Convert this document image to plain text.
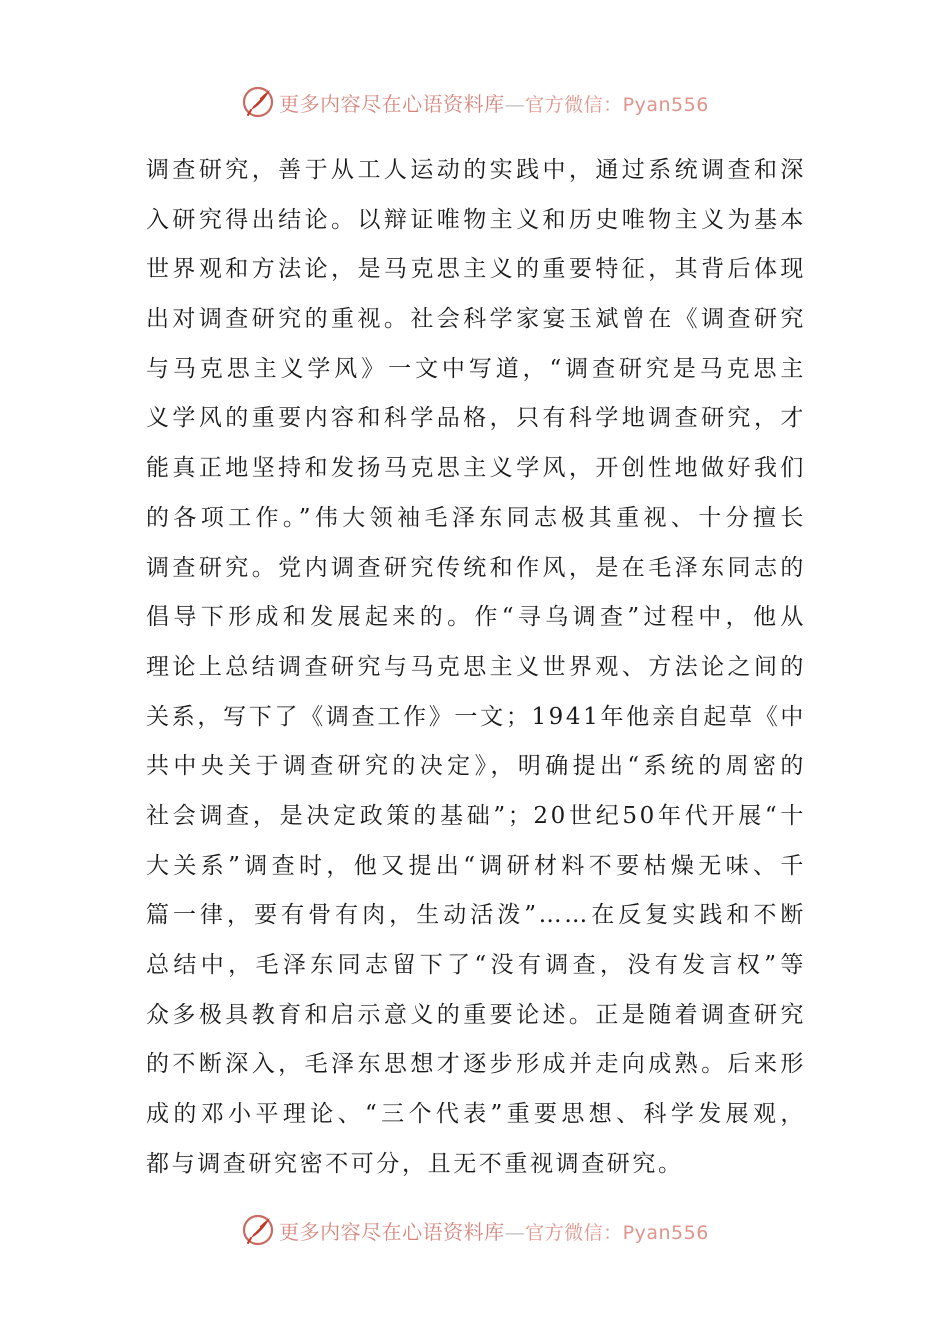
更多内容尽在心语资料库—官方微信：Pyan556
调查研究，善于从工人运动的实践中，通过系统调查和深
入研究得出结论。以辩证唯物主义和历史唯物主义为基本
世界观和方法论，是马克思主义的重要特征，其背后体现
出对调查研究的重视。社会科学家宴玉斌曾在《调查研究
与马克思主义学风》一文中写道，“调查研究是马克思主
义学风的重要内容和科学品格，只有科学地调查研究，才
能真正地坚持和发扬马克思主义学风，开创性地做好我们
的各项工作。”伟大领袖毛泽东同志极其重视、十分擅长
调查研究。党内调查研究传统和作风，是在毛泽东同志的
倡导下形成和发展起来的。作“寻乌调查”过程中，他从
理论上总结调查研究与马克思主义世界观、方法论之间的
关系，写下了《调查工作》一文；1941年他亲自起草《中
共中央关于调查研究的决定》，明确提出“系统的周密的
社会调查，是决定政策的基础”；20世纪50年代开展“十
大关系”调查时，他又提出“调研材料不要枯燥无味、千
篇一律，要有骨有肉，生动活泼”……在反复实践和不断
总结中，毛泽东同志留下了“没有调查，没有发言权”等
众多极具教育和启示意义的重要论述。正是随着调查研究
的不断深入，毛泽东思想才逐步形成并走向成熟。后来形
成的邓小平理论、“三个代表”重要思想、科学发展观，
都与调查研究密不可分，且无不重视调查研究。
更多内容尽在心语资料库—官方微信：Pyan556
